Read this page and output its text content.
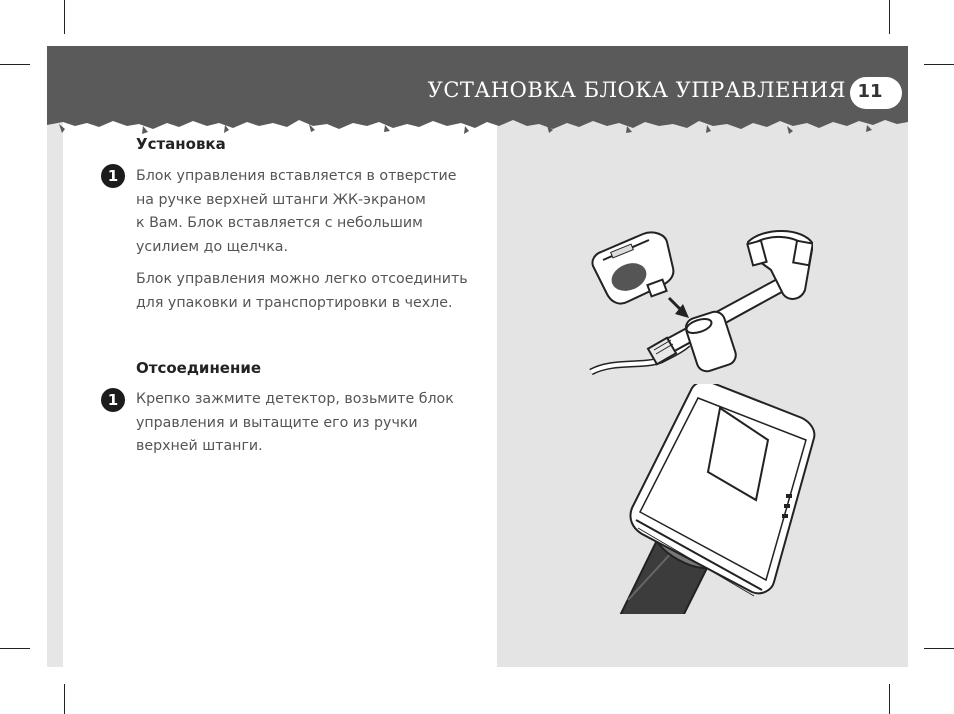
УСТАНОВКА БЛОКА УПРАВЛЕНИЯ 11
Установка
1	Блок управления вставляется в отверстие
на ручке верхней штанги ЖК-экраном
к Вам. Блок вставляется с небольшим
усилием до щелчка.
Блок управления можно легко отсоединить
для упаковки и транспортировки в чехле.
Отсоединение
1	Крепко зажмите детектор, возьмите блок
управления и вытащите его из ручки
верхней штанги.
